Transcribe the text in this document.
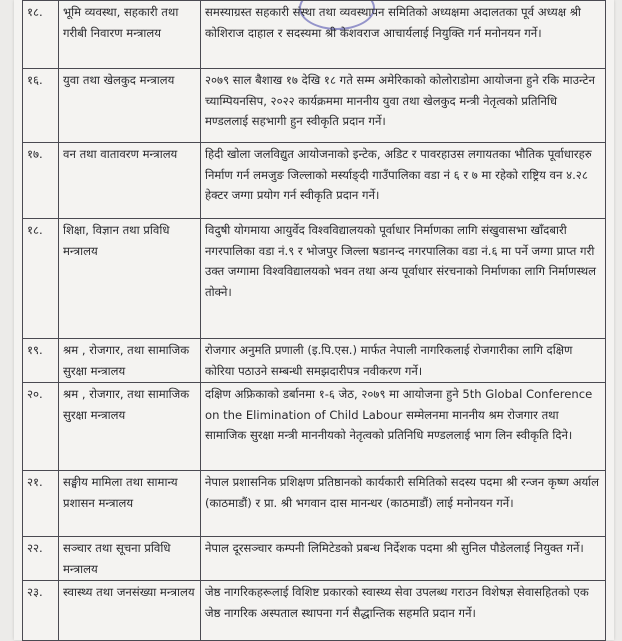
१८.	भूमि व्यवस्था, सहकारी तथा गरीबी निवारण मन्त्रालय	समस्याग्रस्त सहकारी संस्था तथा व्यवस्थापन समितिको अध्यक्षमा अदालतका पूर्व अध्यक्ष श्री कोशिराज दाहाल र सदस्यमा श्री केशवराज आचार्यलाई नियुक्ति गर्न मनोनयन गर्ने।
१६.	युवा तथा खेलकुद मन्त्रालय	२०७९ साल बैशाख १७ देखि १८ गते सम्म अमेरिकाको कोलोराडोमा आयोजना हुने रकि माउन्टेन च्याम्पियनसिप, २०२२ कार्यक्रममा माननीय युवा तथा खेलकुद मन्त्री नेतृत्वको प्रतिनिधि मण्डललाई सहभागी हुन स्वीकृति प्रदान गर्ने।
१७.	वन तथा वातावरण मन्त्रालय	हिदी खोला जलविद्युत आयोजनाको इन्टेक, अडिट र पावरहाउस लगायतका भौतिक पूर्वाधारहरु निर्माण गर्न लमजुङ जिल्लाको मर्स्याङ्दी गाउँपालिका वडा नं ६ र ७ मा रहेको राष्ट्रिय वन ४.२८ हेक्टर जग्गा प्रयोग गर्न स्वीकृति प्रदान गर्ने।
१८.	शिक्षा, विज्ञान तथा प्रविधि मन्त्रालय	विदुषी योगमाया आयुर्वेद विश्वविद्यालयको पूर्वाधार निर्माणका लागि संखुवासभा खाँदबारी नगरपालिका वडा नं.९ र भोजपुर जिल्ला षडानन्द नगरपालिका वडा नं.६ मा पर्ने जग्गा प्राप्त गरी उक्त जग्गामा विश्वविद्यालयको भवन तथा अन्य पूर्वाधार संरचनाको निर्माणका लागि निर्माणस्थल तोक्ने।
१९.	श्रम , रोजगार, तथा सामाजिक सुरक्षा मन्त्रालय	रोजगार अनुमति प्रणाली (इ.पि.एस.) मार्फत नेपाली नागरिकलाई रोजगारीका लागि दक्षिण कोरिया पठाउने सम्बन्धी समझदारीपत्र नवीकरण गर्ने।
२०.	श्रम , रोजगार, तथा सामाजिक सुरक्षा मन्त्रालय	दक्षिण अफ्रिकाको डर्बानमा १-६ जेठ, २०७९ मा आयोजना हुने 5th Global Conference on the Elimination of Child Labour सम्मेलनमा माननीय श्रम रोजगार तथा सामाजिक सुरक्षा मन्त्री माननीयको नेतृत्वको प्रतिनिधि मण्डललाई भाग लिन स्वीकृति दिने।
२१.	सङ्घीय मामिला तथा सामान्य प्रशासन मन्त्रालय	नेपाल प्रशासनिक प्रशिक्षण प्रतिष्ठानको कार्यकारी समितिको सदस्य पदमा श्री रन्जन कृष्ण अर्याल (काठमाडौं) र प्रा. श्री भगवान दास मानन्धर (काठमाडौं) लाई मनोनयन गर्ने।
२२.	सञ्चार तथा सूचना प्रविधि मन्त्रालय	नेपाल दूरसञ्चार कम्पनी लिमिटेडको प्रबन्ध निर्देशक पदमा श्री सुनिल पौडेललाई नियुक्त गर्ने।
२३.	स्वास्थ्य तथा जनसंख्या मन्त्रालय	जेष्ठ नागरिकहरूलाई विशिष्ट प्रकारको स्वास्थ्य सेवा उपलब्ध गराउन विशेषज्ञ सेवासहितको एक जेष्ठ नागरिक अस्पताल स्थापना गर्न सैद्धान्तिक सहमति प्रदान गर्ने।
